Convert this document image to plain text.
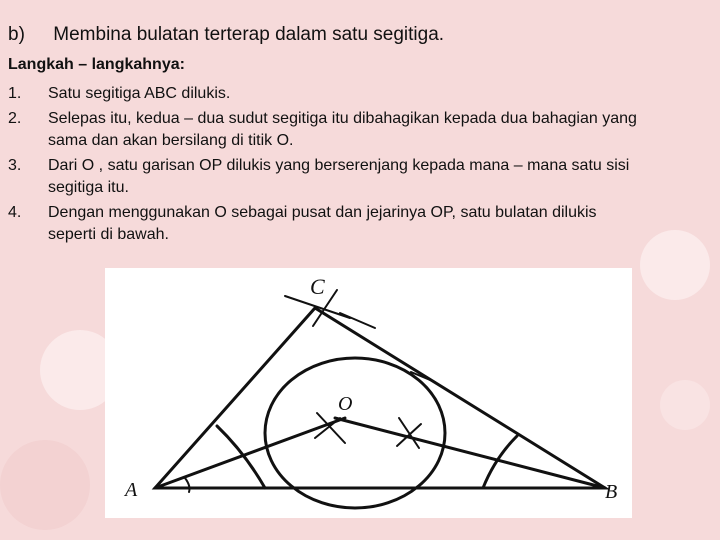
b) Membina bulatan terterap dalam satu segitiga.
Langkah – langkahnya:
1.	Satu segitiga ABC dilukis.
2.	Selepas itu, kedua – dua sudut segitiga itu dibahagikan kepada dua bahagian yang sama dan akan bersilang di titik O.
3.	Dari O , satu garisan OP dilukis yang berserenjang kepada mana – mana satu sisi segitiga itu.
4.	Dengan menggunakan O sebagai pusat dan jejarinya OP, satu bulatan dilukis seperti di bawah.
A	B
C
O
